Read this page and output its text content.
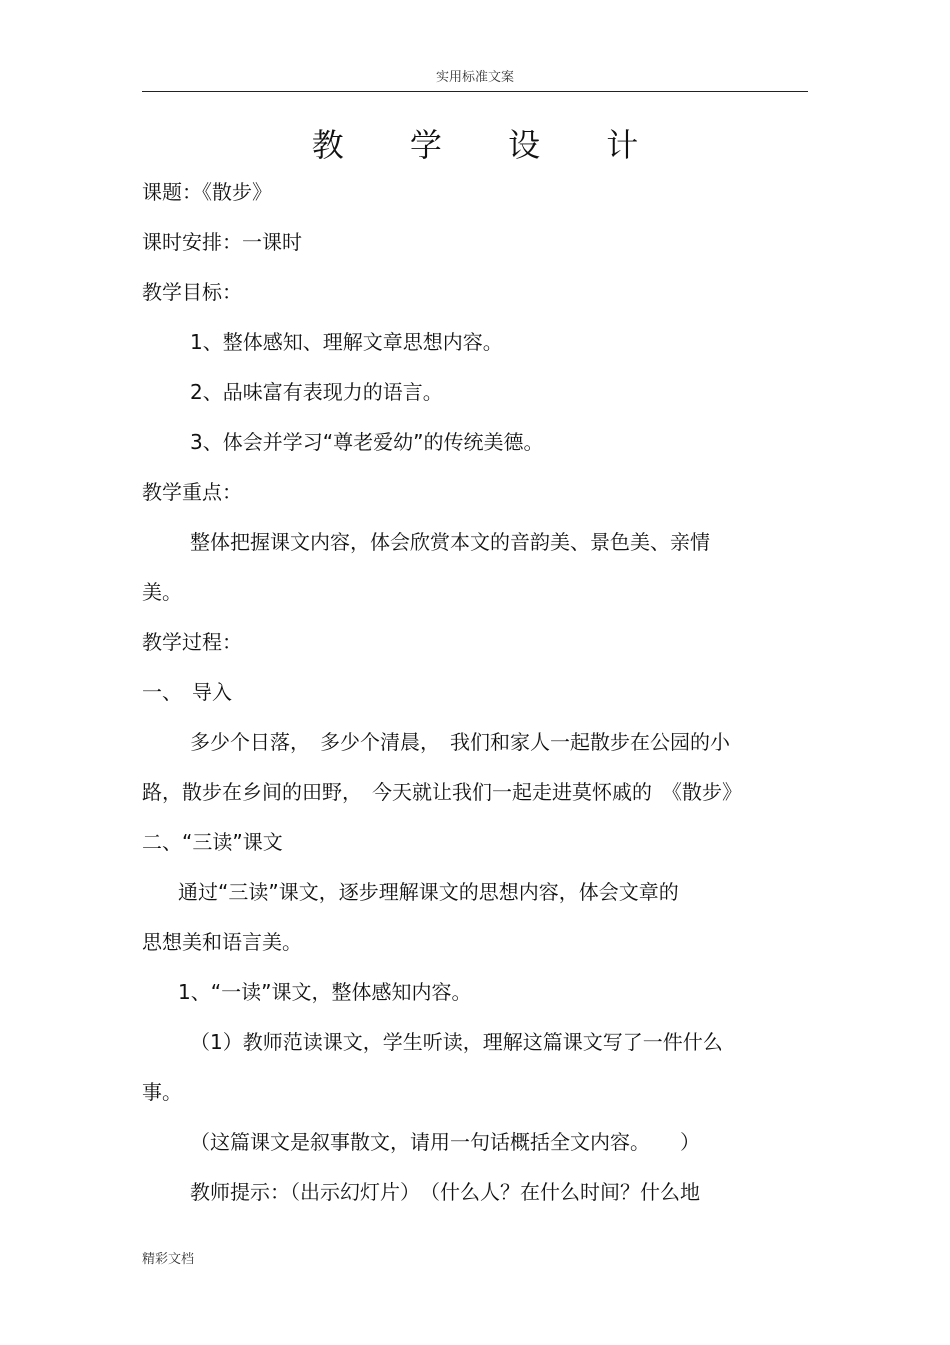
实用标准文案
教 学 设 计
课题：《散步》
课时安排：一课时
教学目标：
1、整体感知、理解文章思想内容。
2、品味富有表现力的语言。
3、体会并学习“尊老爱幼”的传统美德。
教学重点：
整体把握课文内容，体会欣赏本文的音韵美、景色美、亲情
美。
教学过程：
一、　导入
多少个日落，　多少个清晨，　我们和家人一起散步在公园的小
路，散步在乡间的田野，　今天就让我们一起走进莫怀戚的　《散步》
二、“三读”课文
通过“三读”课文，逐步理解课文的思想内容，体会文章的
思想美和语言美。
1、“一读”课文，整体感知内容。
（1）教师范读课文，学生听读，理解这篇课文写了一件什么
事。
（这篇课文是叙事散文，请用一句话概括全文内容。　　）
教师提示：（出示幻灯片）　（什么人？在什么时间？什么地
精彩文档
